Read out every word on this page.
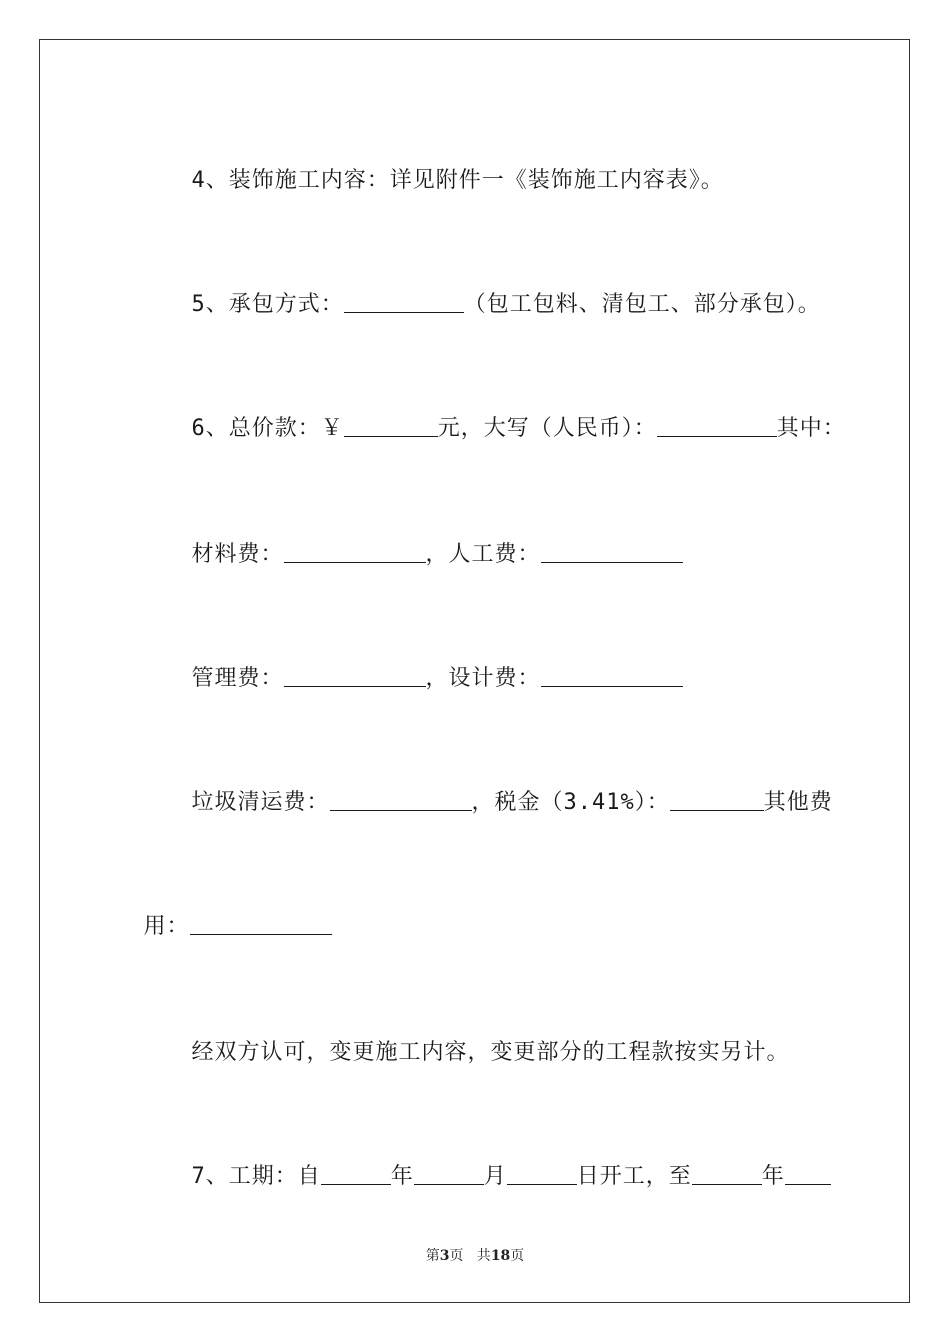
4、装饰施工内容：详见附件一《装饰施工内容表》。

5、承包方式：	（包工包料、清包工、部分承包）。

6、总价款：￥	元，大写（人民币）：	其中：

材料费：	，人工费：

管理费：	，设计费：

垃圾清运费：	，税金（3.41%）：	其他费

用：

经双方认可，变更施工内容，变更部分的工程款按实另计。

7、工期：自	年	月	日开工，至	年

第3页   共18页
